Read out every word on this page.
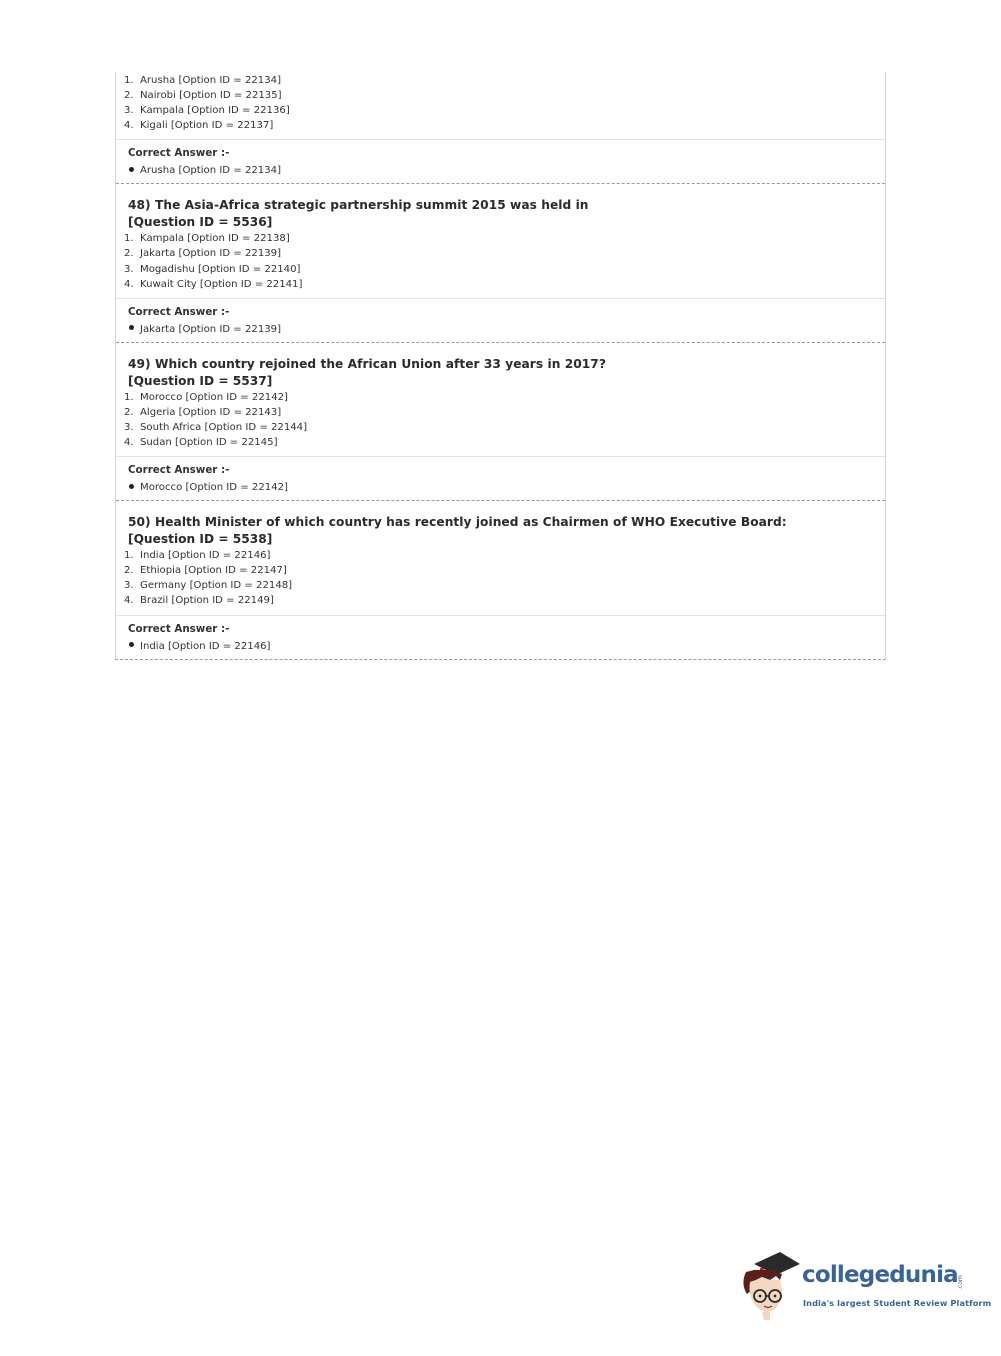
1. Arusha [Option ID = 22134]
2. Nairobi [Option ID = 22135]
3. Kampala [Option ID = 22136]
4. Kigali [Option ID = 22137]
Correct Answer :-
Arusha [Option ID = 22134]
48) The Asia-Africa strategic partnership summit 2015 was held in
[Question ID = 5536]
1. Kampala [Option ID = 22138]
2. Jakarta [Option ID = 22139]
3. Mogadishu [Option ID = 22140]
4. Kuwait City [Option ID = 22141]
Correct Answer :-
Jakarta [Option ID = 22139]
49) Which country rejoined the African Union after 33 years in 2017?
[Question ID = 5537]
1. Morocco [Option ID = 22142]
2. Algeria [Option ID = 22143]
3. South Africa [Option ID = 22144]
4. Sudan [Option ID = 22145]
Correct Answer :-
Morocco [Option ID = 22142]
50) Health Minister of which country has recently joined as Chairmen of WHO Executive Board:
[Question ID = 5538]
1. India [Option ID = 22146]
2. Ethiopia [Option ID = 22147]
3. Germany [Option ID = 22148]
4. Brazil [Option ID = 22149]
Correct Answer :-
India [Option ID = 22146]
collegedunia .com
India's largest Student Review Platform
